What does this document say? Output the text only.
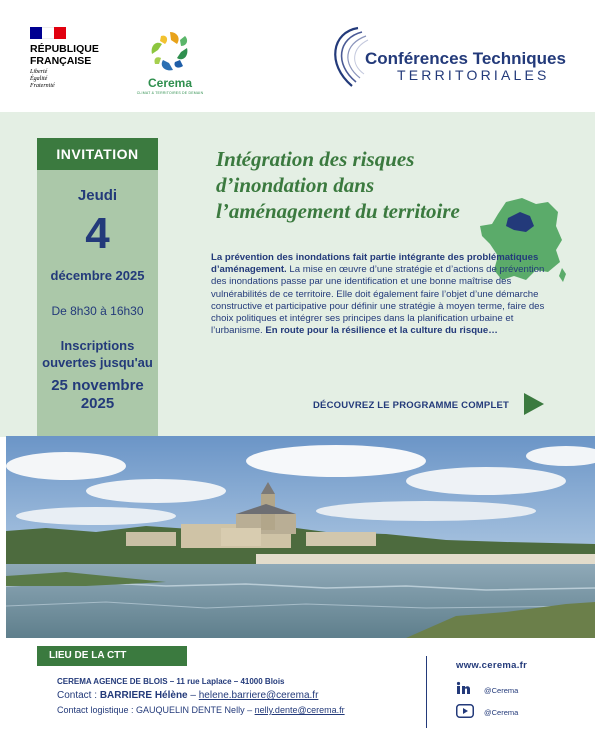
RÉPUBLIQUE
FRANÇAISE
Liberté
Égalité
Fraternité	Cerema
CLIMAT & TERRITOIRES DE DEMAIN
Conférences Techniques
TERRITORIALES
INVITATION
Jeudi
4
décembre 2025
De 8h30 à 16h30
Inscriptions
ouvertes jusqu'au
25 novembre
2025
Intégration des risques
d’inondation dans
l’aménagement du territoire
La prévention des inondations fait partie intégrante des problématiques d’aménagement. La mise en œuvre d’une stratégie et d’actions de prévention des inondations passe par une identification et une bonne maîtrise des vulnérabilités de ce territoire. Elle doit également faire l’objet d’une démarche constructive et participative pour définir une stratégie à moyen terme, faire des choix politiques et intégrer ses principes dans la planification urbaine et l’urbanisme. En route pour la résilience et la culture du risque…
DÉCOUVREZ LE PROGRAMME COMPLET
LIEU DE LA CTT
CEREMA AGENCE DE BLOIS – 11 rue Laplace – 41000 Blois
Contact : BARRIERE Hélène – helene.barriere@cerema.fr
Contact logistique : GAUQUELIN DENTE Nelly – nelly.dente@cerema.fr
www.cerema.fr
@Cerema
@Cerema
